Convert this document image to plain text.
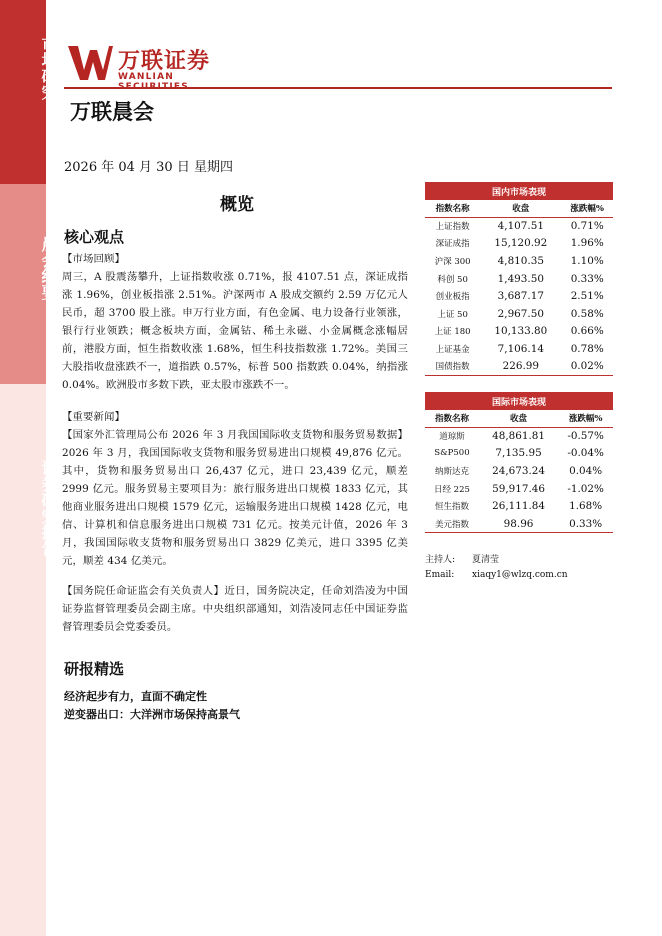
市场研究
晨会纪要
证券研究报告
万联证券
WANLIAN
万联晨会
2026 年 04 月 30 日 星期四
概览
核心观点
【市场回顾】
周三，A 股震荡攀升，上证指数收涨 0.71%，报 4107.51 点，深证成指涨 1.96%，创业板指涨 2.51%。沪深两市 A 股成交额约 2.59 万亿元人民币，超 3700 股上涨。申万行业方面，有色金属、电力设备行业领涨，银行行业领跌；概念板块方面，金属钴、稀土永磁、小金属概念涨幅居前，港股方面，恒生指数收涨 1.68%，恒生科技指数涨 1.72%。美国三大股指收盘涨跌不一，道指跌 0.57%，标普 500 指数跌 0.04%，纳指涨 0.04%。欧洲股市多数下跌，亚太股市涨跌不一。
【重要新闻】
【国家外汇管理局公布 2026 年 3 月我国国际收支货物和服务贸易数据】2026 年 3 月，我国国际收支货物和服务贸易进出口规模 49,876 亿元。其中，货物和服务贸易出口 26,437 亿元，进口 23,439 亿元，顺差 2999 亿元。服务贸易主要项目为：旅行服务进出口规模 1833 亿元，其他商业服务进出口规模 1579 亿元，运输服务进出口规模 1428 亿元，电信、计算机和信息服务进出口规模 731 亿元。按美元计值，2026 年 3 月，我国国际收支货物和服务贸易出口 3829 亿美元，进口 3395 亿美元，顺差 434 亿美元。
【国务院任命证监会有关负责人】近日，国务院决定，任命刘浩凌为中国证券监督管理委员会副主席。中央组织部通知，刘浩凌同志任中国证券监督管理委员会党委委员。
研报精选
经济起步有力，直面不确定性
逆变器出口：大洋洲市场保持高景气
国内市场表现		
指数名称	收盘	涨跌幅%
上证指数	4,107.51	0.71%
深证成指	15,120.92	1.96%
沪深 300	4,810.35	1.10%
科创 50	1,493.50	0.33%
创业板指	3,687.17	2.51%
上证 50	2,967.50	0.58%
上证 180	10,133.80	0.66%
上证基金	7,106.14	0.78%
国债指数	226.99	0.02%
国际市场表现		
指数名称	收盘	涨跌幅%
道琼斯	48,861.81	-0.57%
S&P500	7,135.95	-0.04%
纳斯达克	24,673.24	0.04%
日经 225	59,917.46	-1.02%
恒生指数	26,111.84	1.68%
美元指数	98.96	0.33%
主持人: 夏清莹
Email: xiaqy1@wlzq.com.cn
